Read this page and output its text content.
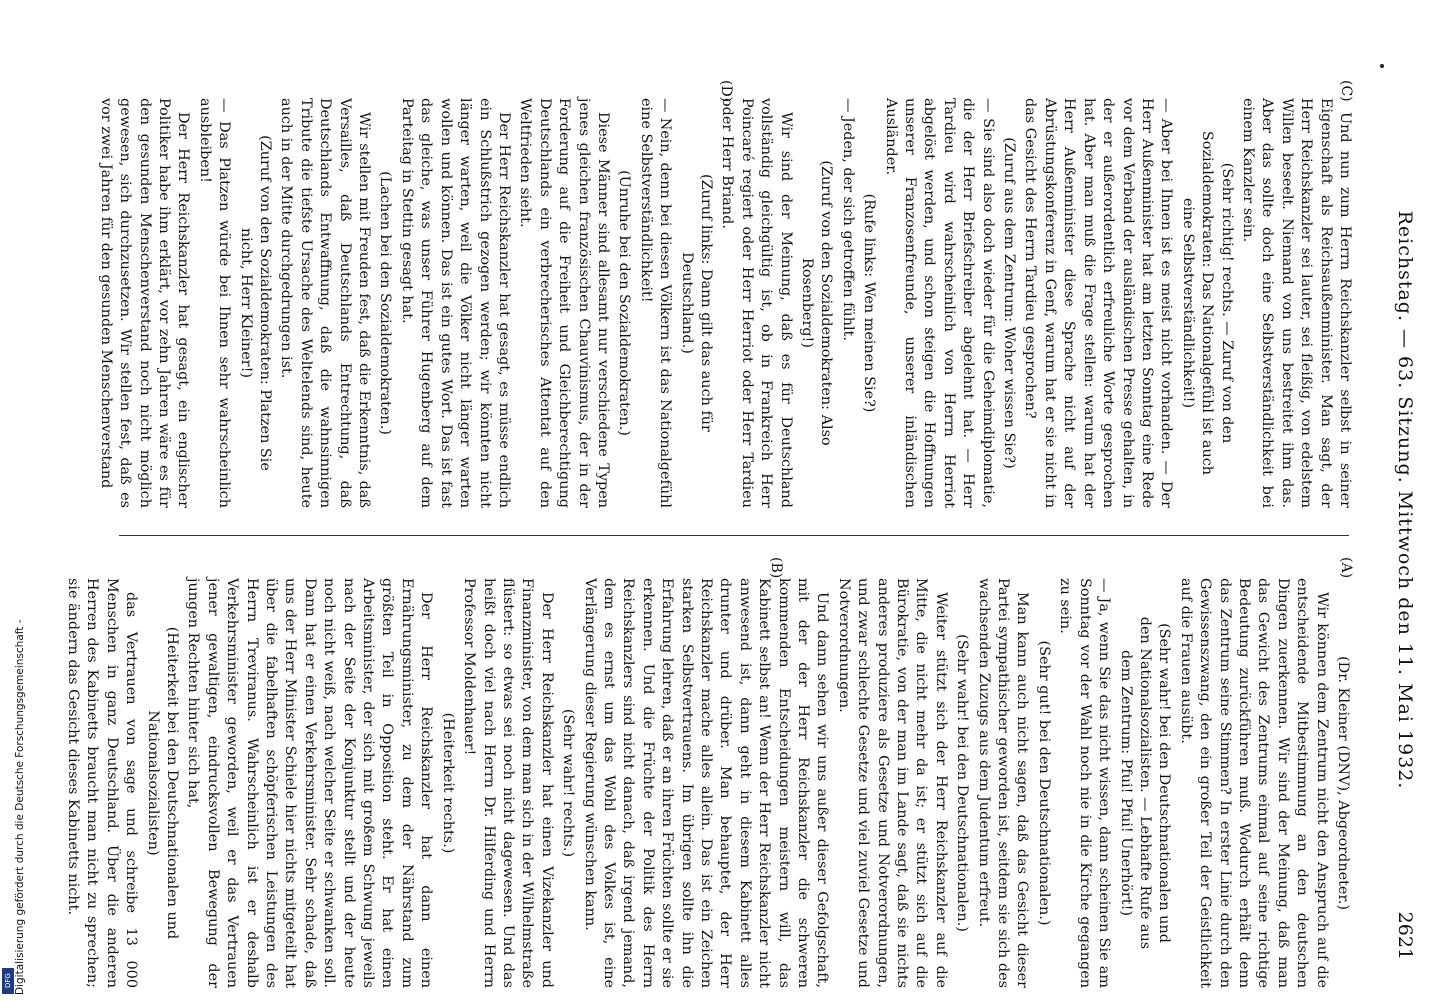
Reichstag. — 63. Sitzung. Mittwoch den 11. Mai 1932.
2621
(A)
(B)
(C)
(D)

(Dr. Kleiner (DNV), Abgeordneter.)

Wir können dem Zentrum nicht den Anspruch auf die entscheidende Mitbestimmung an den deutschen Dingen zuerkennen. Wir sind der Meinung, daß man das Gewicht des Zentrums einmal auf seine richtige Bedeutung zurückführen muß. Wodurch erhält denn das Zentrum seine Stimmen? In erster Linie durch den Gewissenszwang, den ein großer Teil der Geistlichkeit auf die Frauen ausübt.

(Sehr wahr! bei den Deutschnationalen und den Nationalsozialisten. — Lebhafte Rufe aus dem Zentrum: Pfui! Pfui! Unerhört!)

— Ja, wenn Sie das nicht wissen, dann scheinen Sie am Sonntag vor der Wahl noch nie in die Kirche gegangen zu sein.

(Sehr gut! bei den Deutschnationalen.)

Man kann auch nicht sagen, daß das Gesicht dieser Partei sympathischer geworden ist, seitdem sie sich des wachsenden Zuzugs aus dem Judentum erfreut.

(Sehr wahr! bei den Deutschnationalen.)

Weiter stützt sich der Herr Reichskanzler auf die Mitte, die nicht mehr da ist; er stützt sich auf die Bürokratie, von der man im Lande sagt, daß sie nichts anderes produziere als Gesetze und Notverordnungen, und zwar schlechte Gesetze und viel zuviel Gesetze und Notverordnungen.

Und dann sehen wir uns außer dieser Gefolgschaft, mit der der Herr Reichskanzler die schweren kommenden Entscheidungen meistern will, das Kabinett selbst an! Wenn der Herr Reichskanzler nicht anwesend ist, dann geht in diesem Kabinett alles drunter und drüber. Man behauptet, der Herr Reichskanzler mache alles allein. Das ist ein Zeichen starken Selbstvertrauens. Im übrigen sollte ihn die Erfahrung lehren, daß er an ihren Früchten sollte er sie erkennen. Und die Früchte der Politik des Herrn Reichskanzlers sind nicht danach, daß irgend jemand, dem es ernst um das Wohl des Volkes ist, eine Verlängerung dieser Regierung wünschen kann.

(Sehr wahr! rechts.)

Der Herr Reichskanzler hat einen Vizekanzler und Finanzminister, von dem man sich in der Wilhelmstraße flüstert: so etwas sei noch nicht dagewesen. Und das heißt doch viel nach Herrn Dr. Hilferding und Herrn Professor Moldenhauer!

(Heiterkeit rechts.)

Der Herr Reichskanzler hat dann einen Ernährungsminister, zu dem der Nährstand zum größten Teil in Opposition steht. Er hat einen Arbeitsminister, der sich mit großem Schwung jeweils nach der Seite der Konjunktur stellt und der heute noch nicht weiß, nach welcher Seite er schwanken soll. Dann hat er einen Verkehrsminister. Sehr schade, daß uns der Herr Minister Schiele hier nichts mitgeteilt hat über die fabelhaften schöpferischen Leistungen des Herrn Treviranus. Wahrscheinlich ist er deshalb Verkehrsminister geworden, weil er das Vertrauen jener gewaltigen, eindrucksvollen Bewegung der jungen Rechten hinter sich hat,

(Heiterkeit bei den Deutschnationalen und Nationalsozialisten)

das Vertrauen von sage und schreibe 13 000 Menschen in ganz Deutschland. Über die anderen Herren des Kabinetts braucht man nicht zu sprechen; sie ändern das Gesicht dieses Kabinetts nicht.

Und nun zum Herrn Reichskanzler selbst in seiner Eigenschaft als Reichsaußenminister. Man sagt, der Herr Reichskanzler sei lauter, sei fleißig, von edelstem Willen beseelt. Niemand von uns bestreitet ihm das. Aber das sollte doch eine Selbstverständlichkeit bei einem Kanzler sein.

(Sehr richtig! rechts. — Zuruf von den Sozialdemokraten: Das Nationalgefühl ist auch eine Selbstverständlichkeit!)

— Aber bei Ihnen ist es meist nicht vorhanden. — Der Herr Außenminister hat am letzten Sonntag eine Rede vor dem Verband der ausländischen Presse gehalten, in der er außerordentlich erfreuliche Worte gesprochen hat. Aber man muß die Frage stellen: warum hat der Herr Außenminister diese Sprache nicht auf der Abrüstungskonferenz in Genf, warum hat er sie nicht in das Gesicht des Herrn Tardieu gesprochen?

(Zuruf aus dem Zentrum: Woher wissen Sie?)

— Sie sind also doch wieder für die Geheimdiplomatie, die der Herr Briefschreiber abgelehnt hat. — Herr Tardieu wird wahrscheinlich von Herrn Herriot abgelöst werden, und schon steigen die Hoffnungen unserer Franzosenfreunde, unserer inländischen Ausländer.

(Rufe links: Wen meinen Sie?)

— Jeden, der sich getroffen fühlt.

(Zuruf von den Sozialdemokraten: Also Rosenberg!)

Wir sind der Meinung, daß es für Deutschland vollständig gleichgültig ist, ob in Frankreich Herr Poincaré regiert oder Herr Herriot oder Herr Tardieu oder Herr Briand.

(Zuruf links: Dann gilt das auch für Deutschland.)

— Nein, denn bei diesen Völkern ist das Nationalgefühl eine Selbstverständlichkeit!

(Unruhe bei den Sozialdemokraten.)

Diese Männer sind allesamt nur verschiedene Typen jenes gleichen französischen Chauvinismus, der in der Forderung auf die Freiheit und Gleichberechtigung Deutschlands ein verbrecherisches Attentat auf den Weltfrieden sieht.

Der Herr Reichskanzler hat gesagt, es müsse endlich ein Schlußstrich gezogen werden; wir könnten nicht länger warten, weil die Völker nicht länger warten wollen und können. Das ist ein gutes Wort. Das ist fast das gleiche, was unser Führer Hugenberg auf dem Parteitag in Stettin gesagt hat.

(Lachen bei den Sozialdemokraten.)

Wir stellen mit Freuden fest, daß die Erkenntnis, daß Versailles, daß Deutschlands Entrechtung, daß Deutschlands Entwaffnung, daß die wahnsinnigen Tribute die tiefste Ursache des Weltelends sind, heute auch in der Mitte durchgedrungen ist.

(Zuruf von den Sozialdemokraten: Platzen Sie nicht, Herr Kleiner!)

— Das Platzen würde bei Ihnen sehr wahrscheinlich ausbleiben!

Der Herr Reichskanzler hat gesagt, ein englischer Politiker habe ihm erklärt, vor zehn Jahren wäre es für den gesunden Menschenverstand noch nicht möglich gewesen, sich durchzusetzen. Wir stellen fest, daß es vor zwei Jahren für den gesunden Menschenverstand

Digitalisierung gefördert durch die Deutsche Forschungsgemeinschaft -
DFG
